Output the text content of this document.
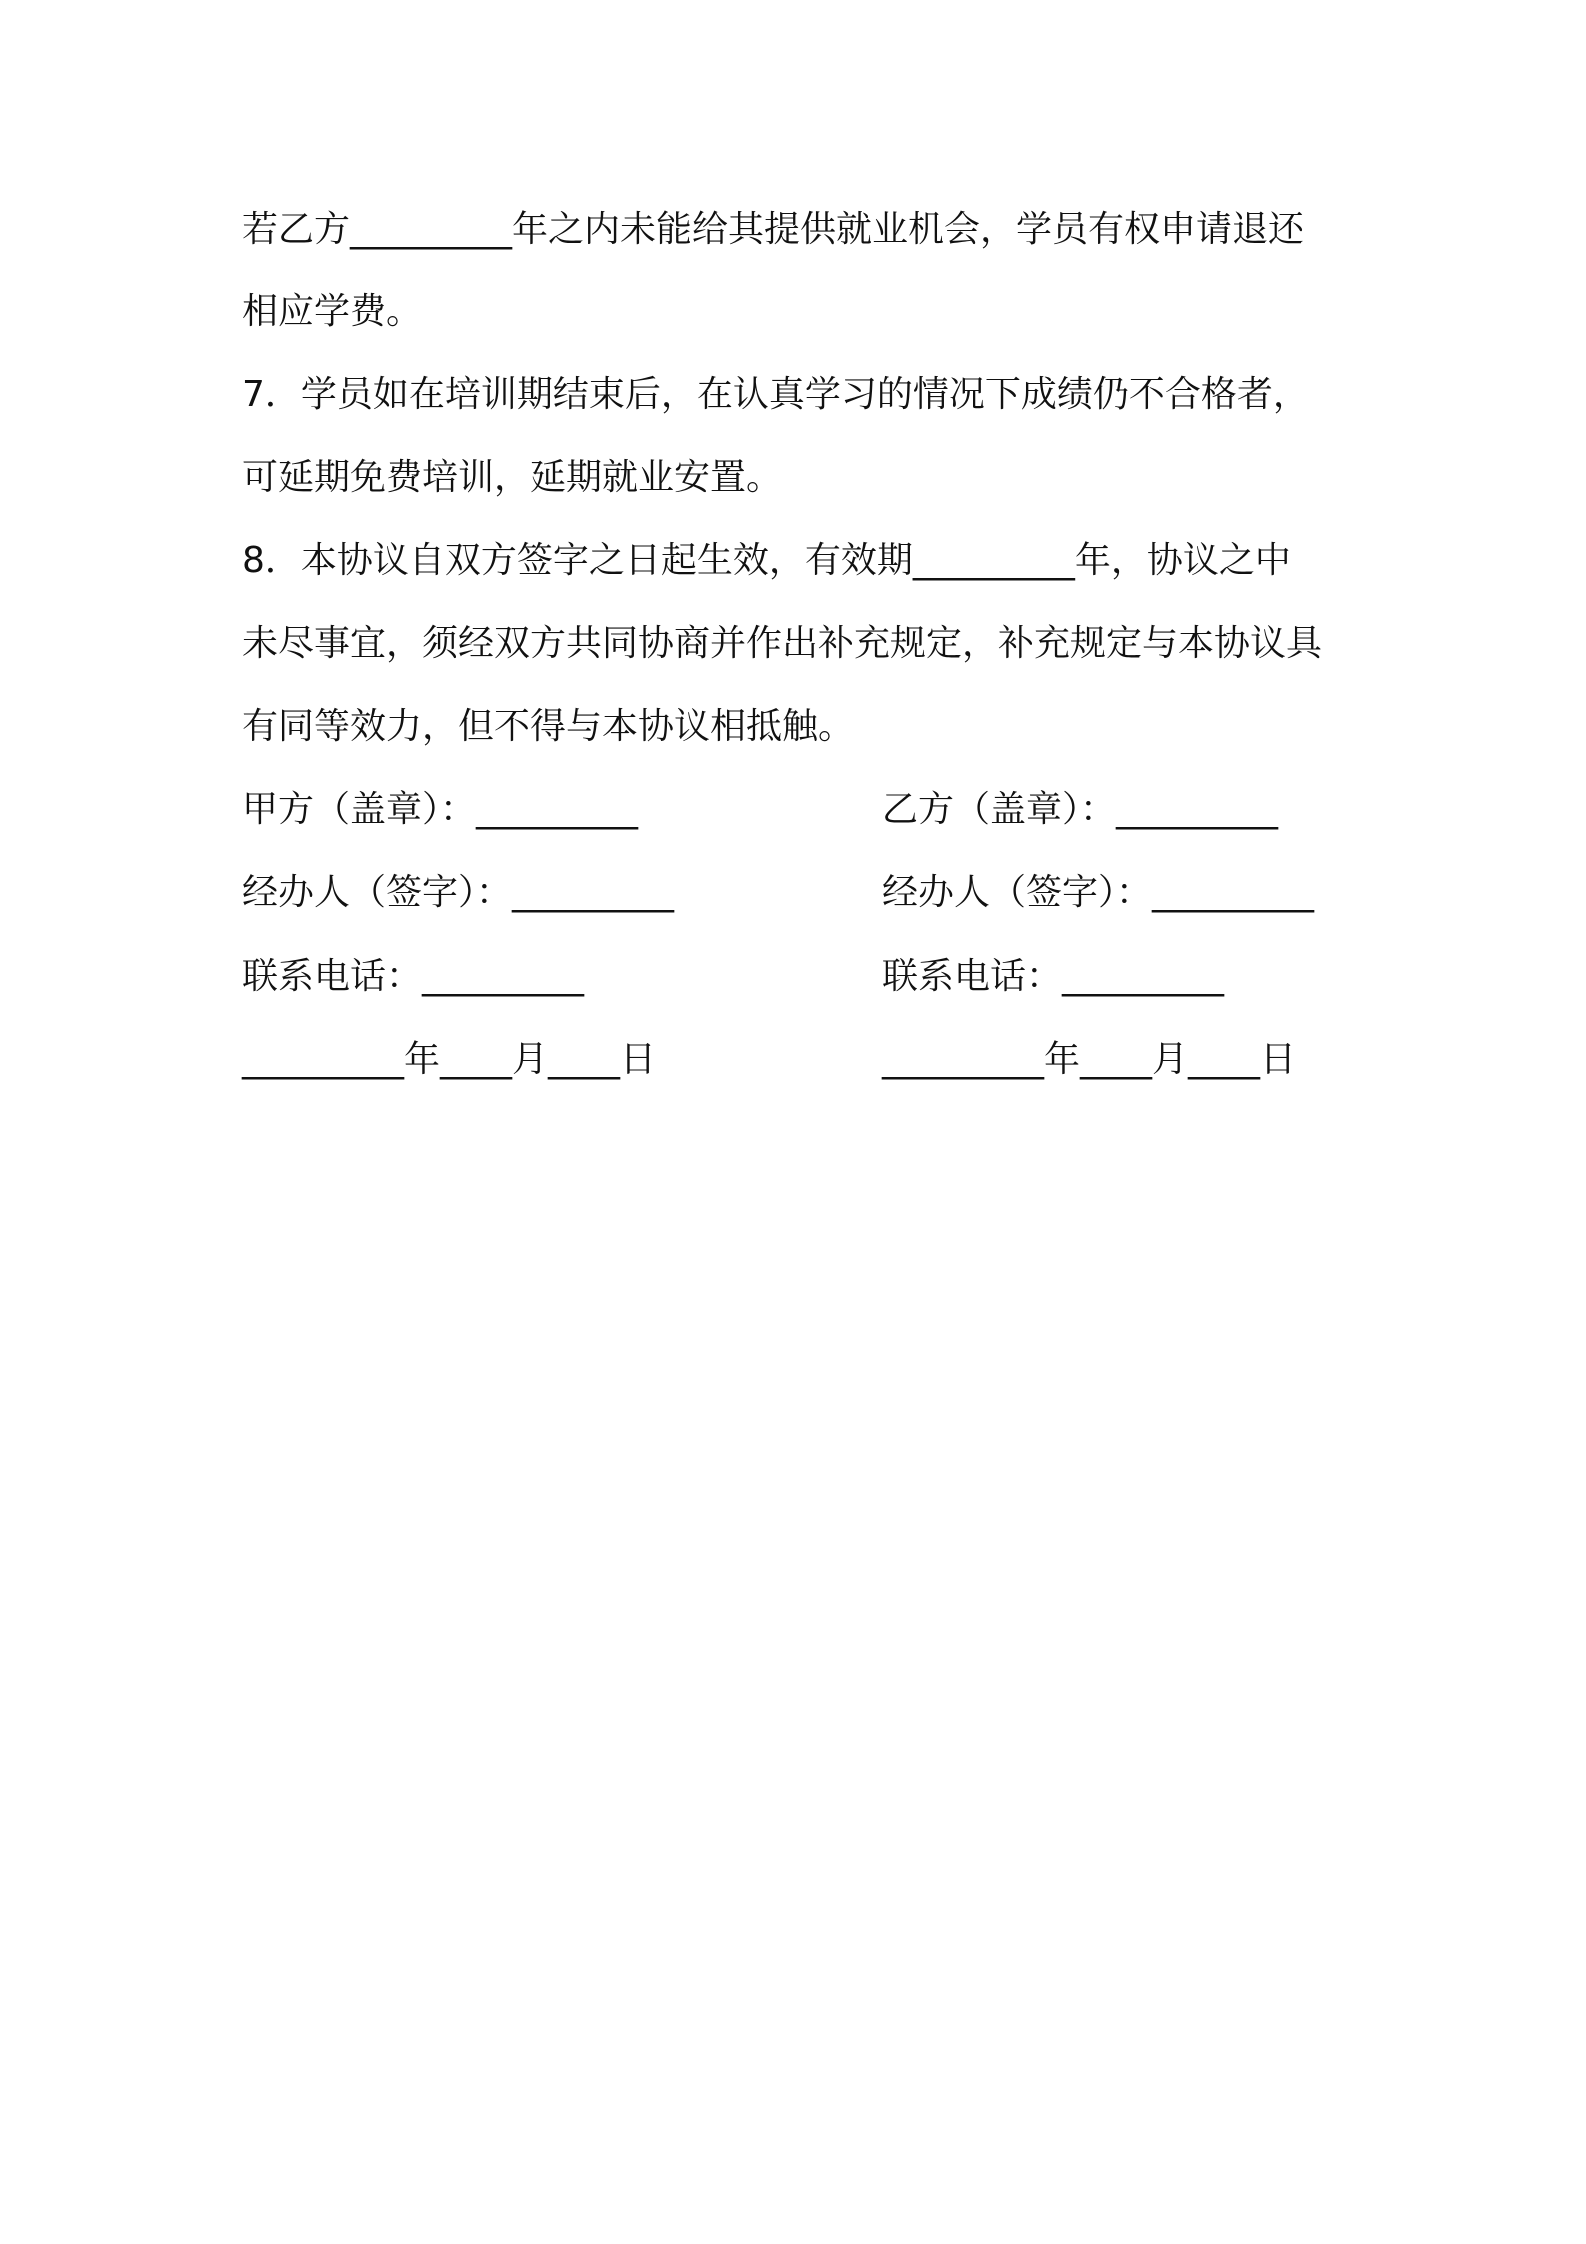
若乙方_________年之内未能给其提供就业机会，学员有权申请退还
相应学费。
7．学员如在培训期结束后，在认真学习的情况下成绩仍不合格者，
可延期免费培训，延期就业安置。
8．本协议自双方签字之日起生效，有效期_________年，协议之中
未尽事宜，须经双方共同协商并作出补充规定，补充规定与本协议具
有同等效力，但不得与本协议相抵触。
甲方（盖章）：_________	乙方（盖章）：_________
经办人（签字）：_________	经办人（签字）：_________
联系电话：_________	联系电话：_________
_________年____月____日	_________年____月____日
